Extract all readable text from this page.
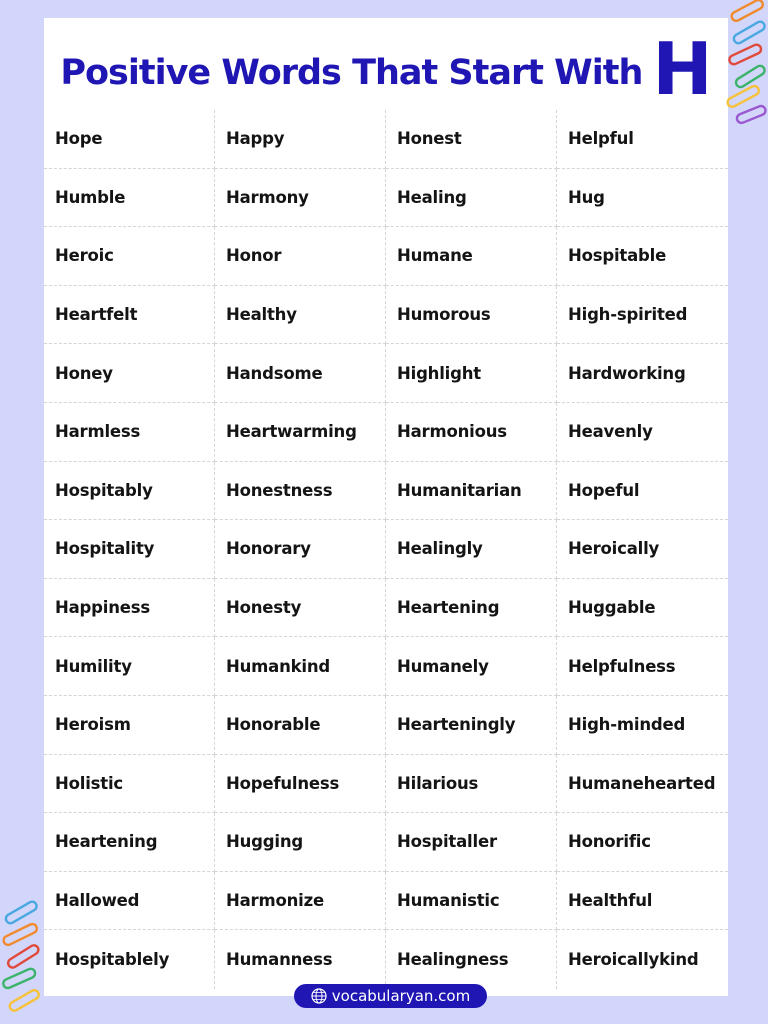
Positive Words That Start With H
Hope	Happy	Honest	Helpful
Humble	Harmony	Healing	Hug
Heroic	Honor	Humane	Hospitable
Heartfelt	Healthy	Humorous	High-spirited
Honey	Handsome	Highlight	Hardworking
Harmless	Heartwarming	Harmonious	Heavenly
Hospitably	Honestness	Humanitarian	Hopeful
Hospitality	Honorary	Healingly	Heroically
Happiness	Honesty	Heartening	Huggable
Humility	Humankind	Humanely	Helpfulness
Heroism	Honorable	Hearteningly	High-minded
Holistic	Hopefulness	Hilarious	Humanehearted
Heartening	Hugging	Hospitaller	Honorific
Hallowed	Harmonize	Humanistic	Healthful
Hospitablely	Humanness	Healingness	Heroicallykind
vocabularyan.com
